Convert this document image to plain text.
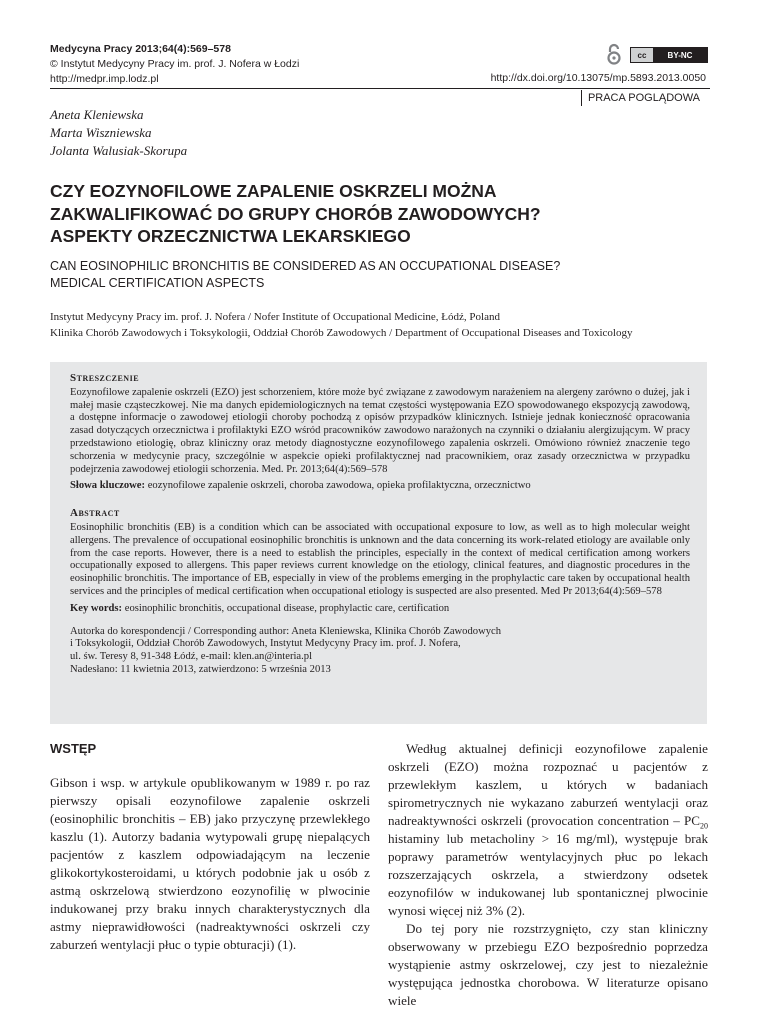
Medycyna Pracy 2013;64(4):569–578
© Instytut Medycyny Pracy im. prof. J. Nofera w Łodzi
http://medpr.imp.lodz.pl
cc	BY-NC
http://dx.doi.org/10.13075/mp.5893.2013.0050
PRACA POGLĄDOWA
Aneta Kleniewska
Marta Wiszniewska
Jolanta Walusiak-Skorupa
CZY EOZYNOFILOWE ZAPALENIE OSKRZELI MOŻNA
ZAKWALIFIKOWAĆ DO GRUPY CHORÓB ZAWODOWYCH?
ASPEKTY ORZECZNICTWA LEKARSKIEGO
CAN EOSINOPHILIC BRONCHITIS BE CONSIDERED AS AN OCCUPATIONAL DISEASE?
MEDICAL CERTIFICATION ASPECTS
Instytut Medycyny Pracy im. prof. J. Nofera / Nofer Institute of Occupational Medicine, Łódź, Poland
Klinika Chorób Zawodowych i Toksykologii, Oddział Chorób Zawodowych / Department of Occupational Diseases and Toxicology
Streszczenie

Eozynofilowe zapalenie oskrzeli (EZO) jest schorzeniem, które może być związane z zawodowym narażeniem na alergeny zarówno o dużej, jak i małej masie cząsteczkowej. Nie ma danych epidemiologicznych na temat częstości występowania EZO spowodowanego ekspozycją zawodową, a dostępne informacje o zawodowej etiologii choroby pochodzą z opisów przypadków klinicznych. Istnieje jednak konieczność opracowania zasad dotyczących orzecznictwa i profilaktyki EZO wśród pracowników zawodowo narażonych na czynniki o działaniu alergizującym. W pracy przedstawiono etiologię, obraz kliniczny oraz metody diagnostyczne eozynofilowego zapalenia oskrzeli. Omówiono również znaczenie tego schorzenia w medycynie pracy, szczególnie w aspekcie opieki profilaktycznej nad pracownikiem, oraz zasady orzecznictwa w przypadku podejrzenia zawodowej etiologii schorzenia. Med. Pr. 2013;64(4):569–578

Słowa kluczowe: eozynofilowe zapalenie oskrzeli, choroba zawodowa, opieka profilaktyczna, orzecznictwo
Abstract

Eosinophilic bronchitis (EB) is a condition which can be associated with occupational exposure to low, as well as to high molecular weight allergens. The prevalence of occupational eosinophilic bronchitis is unknown and the data concerning its work-related etiology are available only from the case reports. However, there is a need to establish the principles, especially in the context of medical certification among workers occupationally exposed to allergens. This paper reviews current knowledge on the etiology, clinical features, and diagnostic procedures in the eosinophilic bronchitis. The importance of EB, especially in view of the problems emerging in the prophylactic care taken by occupational health services and the principles of medical certification when occupational etiology is suspected are also presented. Med Pr 2013;64(4):569–578

Key words: eosinophilic bronchitis, occupational disease, prophylactic care, certification
Autorka do korespondencji / Corresponding author: Aneta Kleniewska, Klinika Chorób Zawodowych
i Toksykologii, Oddział Chorób Zawodowych, Instytut Medycyny Pracy im. prof. J. Nofera,
ul. św. Teresy 8, 91-348 Łódź, e-mail: klen.an@interia.pl
Nadesłano: 11 kwietnia 2013, zatwierdzono: 5 września 2013
WSTĘP

Gibson i wsp. w artykule opublikowanym w 1989 r. po raz pierwszy opisali eozynofilowe zapalenie oskrzeli (eosinophilic bronchitis – EB) jako przyczynę przewlekłego kaszlu (1). Autorzy badania wytypowali grupę niepalących pacjentów z kaszlem odpowiadającym na leczenie glikokortykosteroidami, u których podobnie jak u osób z astmą oskrzelową stwierdzono eozynofilię w plwocinie indukowanej przy braku innych charakterystycznych dla astmy nieprawidłowości (nadreaktywności oskrzeli czy zaburzeń wentylacji płuc o typie obturacji) (1).

Według aktualnej definicji eozynofilowe zapalenie oskrzeli (EZO) można rozpoznać u pacjentów z przewlekłym kaszlem, u których w badaniach spirometrycznych nie wykazano zaburzeń wentylacji oraz nadreaktywności oskrzeli (provocation concentration – $PC_{20}$ histaminy lub metacholiny > 16 mg/ml), występuje brak poprawy parametrów wentylacyjnych płuc po lekach rozszerzających oskrzela, a stwierdzony odsetek eozynofilów w indukowanej lub spontanicznej plwocinie wynosi więcej niż 3% (2).

Do tej pory nie rozstrzygnięto, czy stan kliniczny obserwowany w przebiegu EZO bezpośrednio poprzedza wystąpienie astmy oskrzelowej, czy jest to niezależnie występująca jednostka chorobowa. W literaturze opisano wiele
